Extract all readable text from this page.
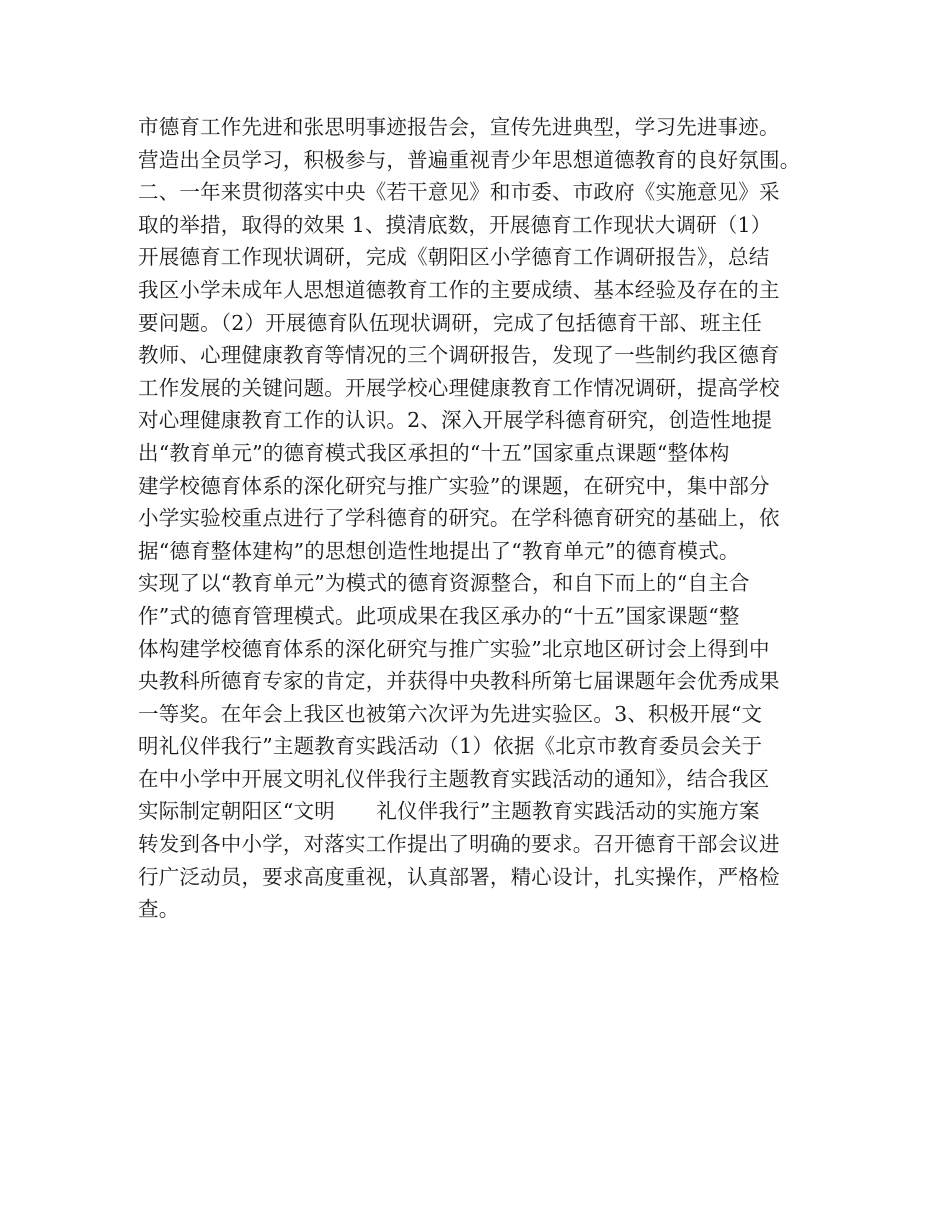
市德育工作先进和张思明事迹报告会，宣传先进典型，学习先进事迹。
营造出全员学习，积极参与，普遍重视青少年思想道德教育的良好氛围。
二、一年来贯彻落实中央《若干意见》和市委、市政府《实施意见》采
取的举措，取得的效果 1、摸清底数，开展德育工作现状大调研（1）
开展德育工作现状调研，完成《朝阳区小学德育工作调研报告》，总结
我区小学未成年人思想道德教育工作的主要成绩、基本经验及存在的主
要问题。（2）开展德育队伍现状调研，完成了包括德育干部、班主任
教师、心理健康教育等情况的三个调研报告，发现了一些制约我区德育
工作发展的关键问题。开展学校心理健康教育工作情况调研，提高学校
对心理健康教育工作的认识。2、深入开展学科德育研究，创造性地提
出“教育单元”的德育模式我区承担的“十五”国家重点课题“整体构
建学校德育体系的深化研究与推广实验”的课题，在研究中，集中部分
小学实验校重点进行了学科德育的研究。在学科德育研究的基础上，依
据“德育整体建构”的思想创造性地提出了“教育单元”的德育模式。
实现了以“教育单元”为模式的德育资源整合，和自下而上的“自主合
作”式的德育管理模式。此项成果在我区承办的“十五”国家课题“整
体构建学校德育体系的深化研究与推广实验”北京地区研讨会上得到中
央教科所德育专家的肯定，并获得中央教科所第七届课题年会优秀成果
一等奖。在年会上我区也被第六次评为先进实验区。3、积极开展“文
明礼仪伴我行”主题教育实践活动（1）依据《北京市教育委员会关于
在中小学中开展文明礼仪伴我行主题教育实践活动的通知》，结合我区
实际制定朝阳区“文明　　礼仪伴我行”主题教育实践活动的实施方案
转发到各中小学，对落实工作提出了明确的要求。召开德育干部会议进
行广泛动员，要求高度重视，认真部署，精心设计，扎实操作，严格检
查。
